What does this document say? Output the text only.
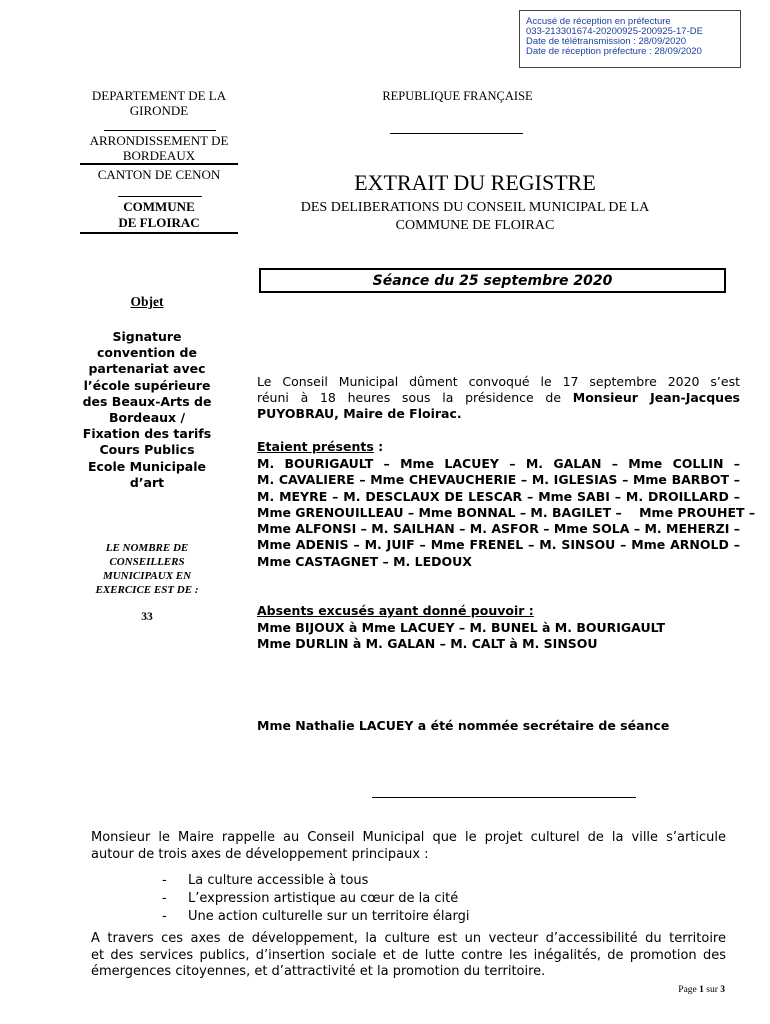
Accusé de réception en préfecture
033-213301674-20200925-200925-17-DE
Date de télétransmission : 28/09/2020
Date de réception préfecture : 28/09/2020
DEPARTEMENT DE LA GIRONDE
ARRONDISSEMENT DE BORDEAUX
CANTON DE CENON
COMMUNE
DE FLOIRAC
REPUBLIQUE FRANÇAISE
EXTRAIT DU REGISTRE
DES DELIBERATIONS DU CONSEIL MUNICIPAL DE LA
COMMUNE DE FLOIRAC
Séance du 25 septembre 2020
Objet
Signature
convention de
partenariat avec
l’école supérieure
des Beaux-Arts de
Bordeaux /
Fixation des tarifs
Cours Publics
Ecole Municipale
d’art
LE NOMBRE DE
CONSEILLERS
MUNICIPAUX EN
EXERCICE EST DE :
33
Le Conseil Municipal dûment convoqué le 17 septembre 2020 s’est
réuni à 18 heures sous la présidence de Monsieur Jean-Jacques
PUYOBRAU, Maire de Floirac.
Etaient présents :
M. BOURIGAULT – Mme LACUEY – M. GALAN – Mme COLLIN –
M. CAVALIERE – Mme CHEVAUCHERIE – M. IGLESIAS – Mme BARBOT –
M. MEYRE – M. DESCLAUX DE LESCAR – Mme SABI – M. DROILLARD –
Mme GRENOUILLEAU – Mme BONNAL – M. BAGILET –    Mme PROUHET –
Mme ALFONSI – M. SAILHAN – M. ASFOR – Mme SOLA – M. MEHERZI –
Mme ADENIS – M. JUIF – Mme FRENEL – M. SINSOU – Mme ARNOLD –
Mme CASTAGNET – M. LEDOUX
Absents excusés ayant donné pouvoir :
Mme BIJOUX à Mme LACUEY – M. BUNEL à M. BOURIGAULT
Mme DURLIN à M. GALAN – M. CALT à M. SINSOU
Mme Nathalie LACUEY a été nommée secrétaire de séance
Monsieur le Maire rappelle au Conseil Municipal que le projet culturel de la ville s’articule
autour de trois axes de développement principaux :
- La culture accessible à tous
- L’expression artistique au cœur de la cité
- Une action culturelle sur un territoire élargi
A travers ces axes de développement, la culture est un vecteur d’accessibilité du territoire
et des services publics, d’insertion sociale et de lutte contre les inégalités, de promotion des
émergences citoyennes, et d’attractivité et la promotion du territoire.
Page 1 sur 3
